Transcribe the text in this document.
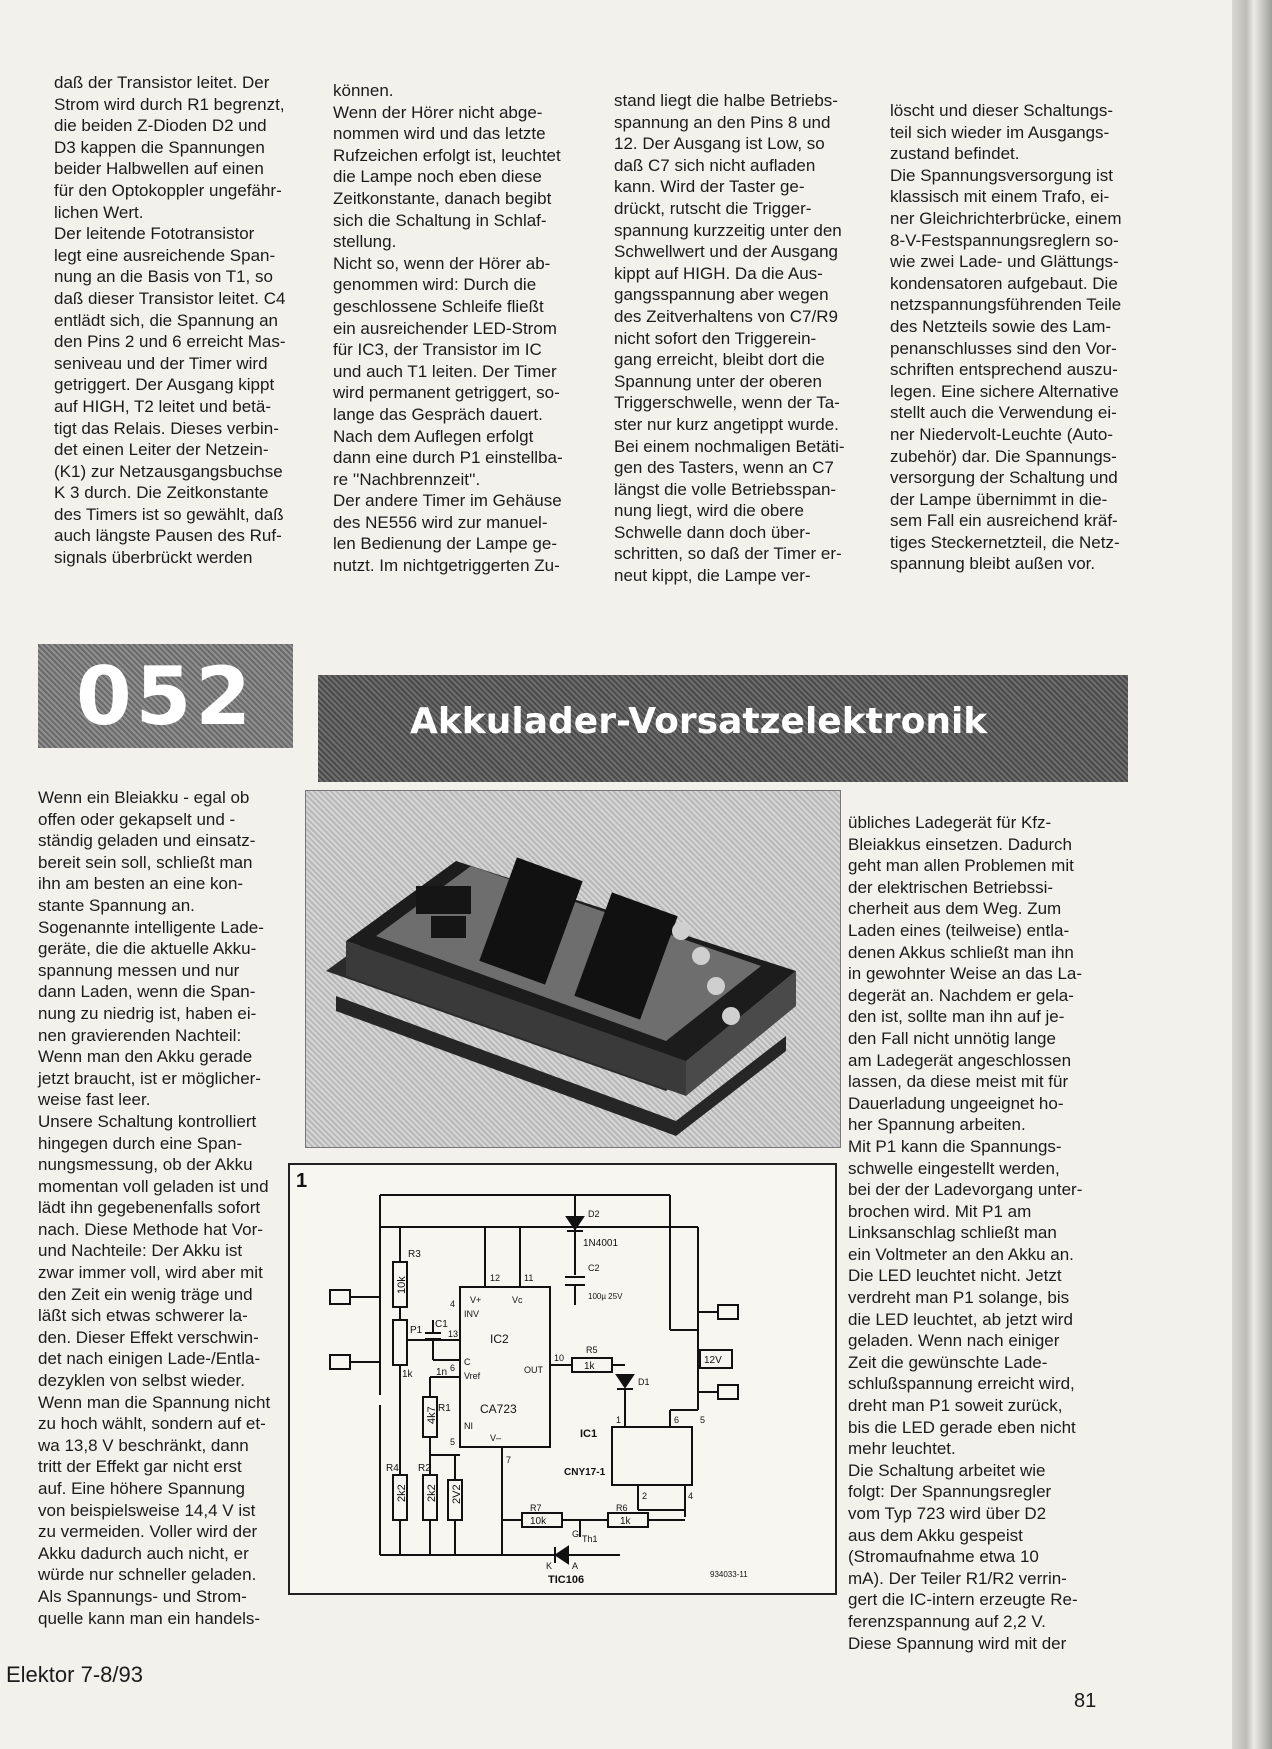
daß der Transistor leitet. Der

Strom wird durch R1 begrenzt,

die beiden Z-Dioden D2 und

D3 kappen die Spannungen

beider Halbwellen auf einen

für den Optokoppler ungefähr-

lichen Wert.

Der leitende Fototransistor

legt eine ausreichende Span-

nung an die Basis von T1, so

daß dieser Transistor leitet. C4

entlädt sich, die Spannung an

den Pins 2 und 6 erreicht Mas-

seniveau und der Timer wird

getriggert. Der Ausgang kippt

auf HIGH, T2 leitet und betä-

tigt das Relais. Dieses verbin-

det einen Leiter der Netzein-

(K1) zur Netzausgangsbuchse

K 3 durch. Die Zeitkonstante

des Timers ist so gewählt, daß

auch längste Pausen des Ruf-

signals überbrückt werden

können.

Wenn der Hörer nicht abge-

nommen wird und das letzte

Rufzeichen erfolgt ist, leuchtet

die Lampe noch eben diese

Zeitkonstante, danach begibt

sich die Schaltung in Schlaf-

stellung.

Nicht so, wenn der Hörer ab-

genommen wird: Durch die

geschlossene Schleife fließt

ein ausreichender LED-Strom

für IC3, der Transistor im IC

und auch T1 leiten. Der Timer

wird permanent getriggert, so-

lange das Gespräch dauert.

Nach dem Auflegen erfolgt

dann eine durch P1 einstellba-

re ''Nachbrennzeit''.

Der andere Timer im Gehäuse

des NE556 wird zur manuel-

len Bedienung der Lampe ge-

nutzt. Im nichtgetriggerten Zu-

stand liegt die halbe Betriebs-

spannung an den Pins 8 und

12. Der Ausgang ist Low, so

daß C7 sich nicht aufladen

kann. Wird der Taster ge-

drückt, rutscht die Trigger-

spannung kurzzeitig unter den

Schwellwert und der Ausgang

kippt auf HIGH. Da die Aus-

gangsspannung aber wegen

des Zeitverhaltens von C7/R9

nicht sofort den Triggerein-

gang erreicht, bleibt dort die

Spannung unter der oberen

Triggerschwelle, wenn der Ta-

ster nur kurz angetippt wurde.

Bei einem nochmaligen Betäti-

gen des Tasters, wenn an C7

längst die volle Betriebsspan-

nung liegt, wird die obere

Schwelle dann doch über-

schritten, so daß der Timer er-

neut kippt, die Lampe ver-

löscht und dieser Schaltungs-

teil sich wieder im Ausgangs-

zustand befindet.

Die Spannungsversorgung ist

klassisch mit einem Trafo, ei-

ner Gleichrichterbrücke, einem

8-V-Festspannungsreglern so-

wie zwei Lade- und Glättungs-

kondensatoren aufgebaut. Die

netzspannungsführenden Teile

des Netzteils sowie des Lam-

penanschlusses sind den Vor-

schriften entsprechend auszu-

legen. Eine sichere Alternative

stellt auch die Verwendung ei-

ner Niedervolt-Leuchte (Auto-

zubehör) dar. Die Spannungs-

versorgung der Schaltung und

der Lampe übernimmt in die-

sem Fall ein ausreichend kräf-

tiges Steckernetzteil, die Netz-

spannung bleibt außen vor.

052	Akkulader-Vorsatzelektronik

Wenn ein Bleiakku - egal ob

offen oder gekapselt und -

ständig geladen und einsatz-

bereit sein soll, schließt man

ihn am besten an eine kon-

stante Spannung an.

Sogenannte intelligente Lade-

geräte, die die aktuelle Akku-

spannung messen und nur

dann Laden, wenn die Span-

nung zu niedrig ist, haben ei-

nen gravierenden Nachteil:

Wenn man den Akku gerade

jetzt braucht, ist er möglicher-

weise fast leer.

Unsere Schaltung kontrolliert

hingegen durch eine Span-

nungsmessung, ob der Akku

momentan voll geladen ist und

lädt ihn gegebenenfalls sofort

nach. Diese Methode hat Vor-

und Nachteile: Der Akku ist

zwar immer voll, wird aber mit

den Zeit ein wenig träge und

läßt sich etwas schwerer la-

den. Dieser Effekt verschwin-

det nach einigen Lade-/Entla-

dezyklen von selbst wieder.

Wenn man die Spannung nicht

zu hoch wählt, sondern auf et-

wa 13,8 V beschränkt, dann

tritt der Effekt gar nicht erst

auf. Eine höhere Spannung

von beispielsweise 14,4 V ist

zu vermeiden. Voller wird der

Akku dadurch auch nicht, er

würde nur schneller geladen.

Als Spannungs- und Strom-

quelle kann man ein handels-

1
R3
10k
P1
1k
C1
1n
R1
4k7
R4
2k2
R2
2k2 2V2
IC2
CA723
V+	Vc
INV
C
Vref
NI
OUT
V–
12	11
4
13
6
5
10
7
D2
1N4001
C2
100µ 25V
R5
1k
D1
IC1
CNY17-1
1
2	4
5
6
R7
10k
R6
1k
G Th1
K A
TIC106
12V
934033-11

übliches Ladegerät für Kfz-

Bleiakkus einsetzen. Dadurch

geht man allen Problemen mit

der elektrischen Betriebssi-

cherheit aus dem Weg. Zum

Laden eines (teilweise) entla-

denen Akkus schließt man ihn

in gewohnter Weise an das La-

degerät an. Nachdem er gela-

den ist, sollte man ihn auf je-

den Fall nicht unnötig lange

am Ladegerät angeschlossen

lassen, da diese meist mit für

Dauerladung ungeeignet ho-

her Spannung arbeiten.

Mit P1 kann die Spannungs-

schwelle eingestellt werden,

bei der der Ladevorgang unter-

brochen wird. Mit P1 am

Linksanschlag schließt man

ein Voltmeter an den Akku an.

Die LED leuchtet nicht. Jetzt

verdreht man P1 solange, bis

die LED leuchtet, ab jetzt wird

geladen. Wenn nach einiger

Zeit die gewünschte Lade-

schlußspannung erreicht wird,

dreht man P1 soweit zurück,

bis die LED gerade eben nicht

mehr leuchtet.

Die Schaltung arbeitet wie

folgt: Der Spannungsregler

vom Typ 723 wird über D2

aus dem Akku gespeist

(Stromaufnahme etwa 10

mA). Der Teiler R1/R2 verrin-

gert die IC-intern erzeugte Re-

ferenzspannung auf 2,2 V.

Diese Spannung wird mit der

Elektor 7-8/93
81
